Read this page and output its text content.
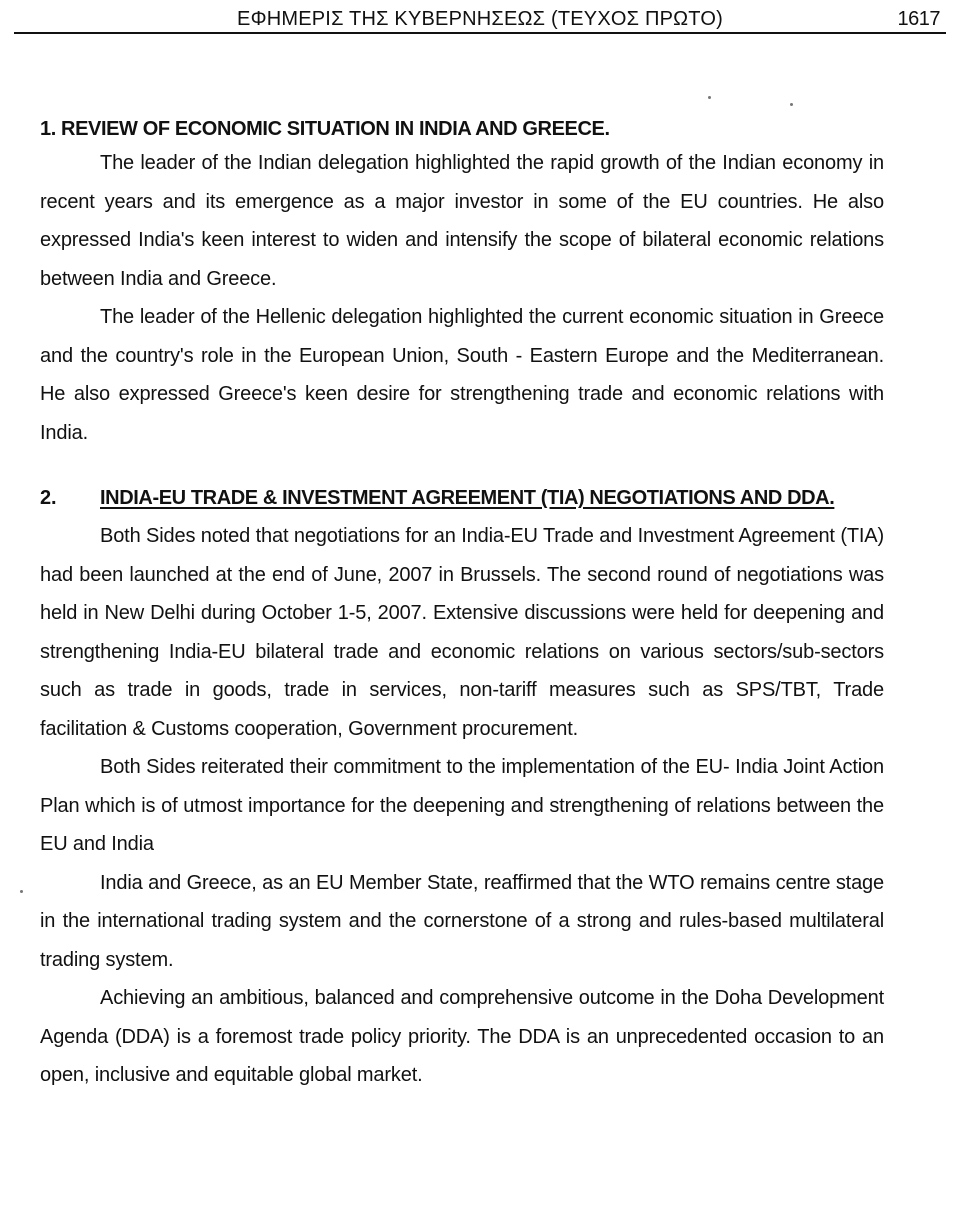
ΕΦΗΜΕΡΙΣ ΤΗΣ ΚΥΒΕΡΝΗΣΕΩΣ (ΤΕΥΧΟΣ ΠΡΩΤΟ)	1617
1. REVIEW OF ECONOMIC SITUATION IN INDIA AND GREECE.

The leader of the Indian delegation highlighted the rapid growth of the Indian economy in recent years and its emergence as a major investor in some of the EU countries. He also expressed India's keen interest to widen and intensify the scope of bilateral economic relations between India and Greece.

The leader of the Hellenic delegation highlighted the current economic situation in Greece and the country's role in the European Union, South - Eastern Europe and the Mediterranean. He also expressed Greece's keen desire for strengthening trade and economic relations with India.

2. INDIA-EU TRADE & INVESTMENT AGREEMENT (TIA) NEGOTIATIONS AND DDA.

Both Sides noted that negotiations for an India-EU Trade and Investment Agreement (TIA) had been launched at the end of June, 2007 in Brussels. The second round of negotiations was held in New Delhi during October 1-5, 2007. Extensive discussions were held for deepening and strengthening India-EU bilateral trade and economic relations on various sectors/sub-sectors such as trade in goods, trade in services, non-tariff measures such as SPS/TBT, Trade facilitation & Customs cooperation, Government procurement.

Both Sides reiterated their commitment to the implementation of the EU- India Joint Action Plan which is of utmost importance for the deepening and strengthening of relations between the EU and India

India and Greece, as an EU Member State, reaffirmed that the WTO remains centre stage in the international trading system and the cornerstone of a strong and rules-based multilateral trading system.

Achieving an ambitious, balanced and comprehensive outcome in the Doha Development Agenda (DDA) is a foremost trade policy priority. The DDA is an unprecedented occasion to an open, inclusive and equitable global market.
